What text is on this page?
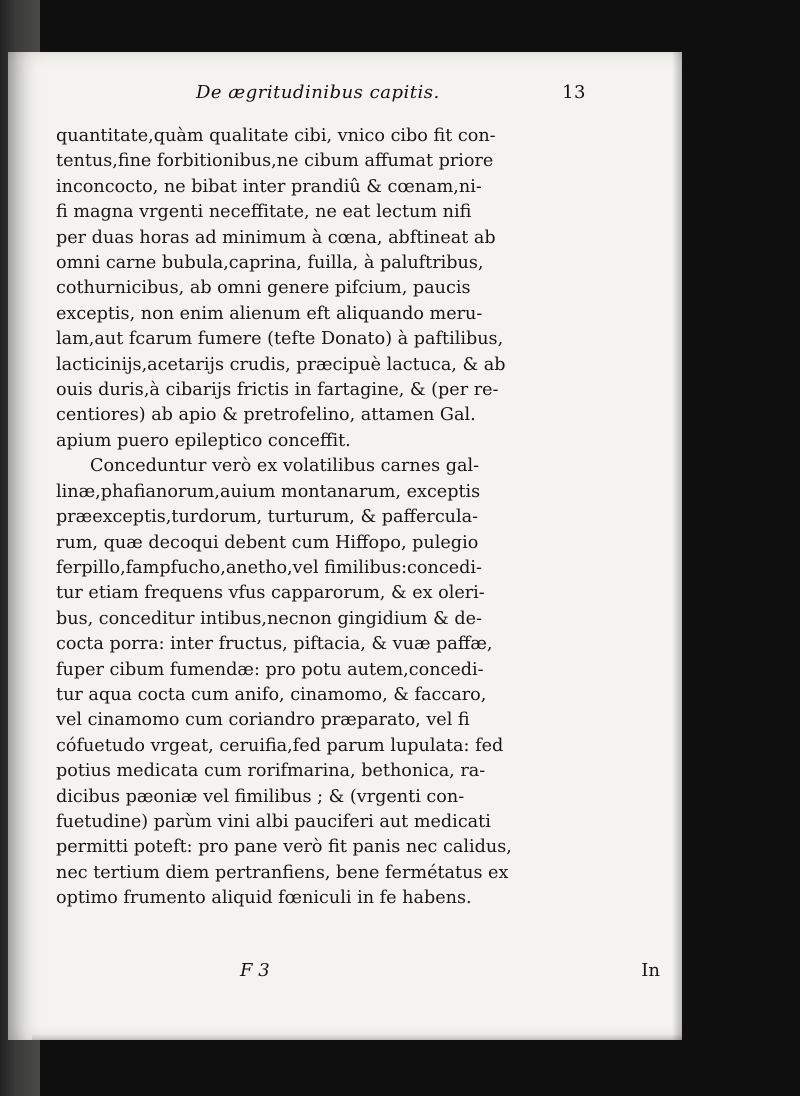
De ægritudinibus capitis.	13
quantitate,quàm qualitate cibi, vnico cibo fit con-
tentus,fine forbitionibus,ne cibum affumat priore
inconcocto, ne bibat inter prandiû & cœnam,ni-
fi magna vrgenti neceffitate, ne eat lectum nifi
per duas horas ad minimum à cœna, abftineat ab
omni carne bubula,caprina, fuilla, à paluftribus,
cothurnicibus, ab omni genere pifcium, paucis
exceptis, non enim alienum eft aliquando meru-
lam,aut fcarum fumere (tefte Donato) à paftilibus,
lacticinijs,acetarijs crudis, præcipuè lactuca, & ab
ouis duris,à cibarijs frictis in fartagine, & (per re-
centiores) ab apio & pretrofelino, attamen Gal.
apium puero epileptico conceffit.
Conceduntur verò ex volatilibus carnes gal-
linæ,phafianorum,auium montanarum, exceptis
præexceptis,turdorum, turturum, & paffercula-
rum, quæ decoqui debent cum Hiffopo, pulegio
ferpillo,fampfucho,anetho,vel fimilibus:concedi-
tur etiam frequens vfus capparorum, & ex oleri-
bus, conceditur intibus,necnon gingidium & de-
cocta porra: inter fructus, piftacia, & vuæ paffæ,
fuper cibum fumendæ: pro potu autem,concedi-
tur aqua cocta cum anifo, cinamomo, & faccaro,
vel cinamomo cum coriandro præparato, vel fi
cófuetudo vrgeat, ceruifia,fed parum lupulata: fed
potius medicata cum rorifmarina, bethonica, ra-
dicibus pæoniæ vel fimilibus ; & (vrgenti con-
fuetudine) parùm vini albi pauciferi aut medicati
permitti poteft: pro pane verò fit panis nec calidus,
nec tertium diem pertranfiens, bene fermétatus ex
optimo frumento aliquid fœniculi in fe habens.
F 3	In
